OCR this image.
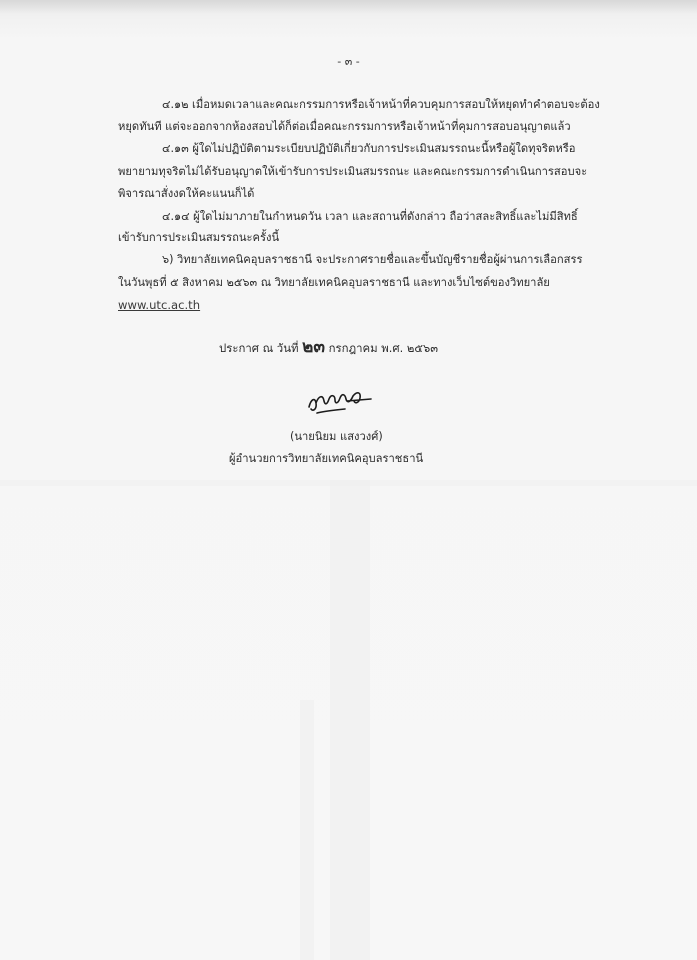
- ๓ -
๔.๑๒ เมื่อหมดเวลาและคณะกรรมการหรือเจ้าหน้าที่ควบคุมการสอบให้หยุดทำคำตอบจะต้อง
หยุดทันที แต่จะออกจากห้องสอบได้ก็ต่อเมื่อคณะกรรมการหรือเจ้าหน้าที่คุมการสอบอนุญาตแล้ว
๔.๑๓ ผู้ใดไม่ปฏิบัติตามระเบียบปฏิบัติเกี่ยวกับการประเมินสมรรถนะนี้หรือผู้ใดทุจริตหรือ
พยายามทุจริตไม่ได้รับอนุญาตให้เข้ารับการประเมินสมรรถนะ และคณะกรรมการดำเนินการสอบจะ
พิจารณาสั่งงดให้คะแนนก็ได้
๔.๑๔ ผู้ใดไม่มาภายในกำหนดวัน เวลา และสถานที่ดังกล่าว ถือว่าสละสิทธิ์และไม่มีสิทธิ์
เข้ารับการประเมินสมรรถนะครั้งนี้
๖) วิทยาลัยเทคนิคอุบลราชธานี จะประกาศรายชื่อและขึ้นบัญชีรายชื่อผู้ผ่านการเลือกสรร
ในวันพุธที่ ๕ สิงหาคม ๒๕๖๓ ณ วิทยาลัยเทคนิคอุบลราชธานี และทางเว็บไซต์ของวิทยาลัย
www.utc.ac.th
ประกาศ ณ วันที่ ๒๓ กรกฎาคม พ.ศ. ๒๕๖๓
(นายนิยม แสงวงศ์)
ผู้อำนวยการวิทยาลัยเทคนิคอุบลราชธานี
